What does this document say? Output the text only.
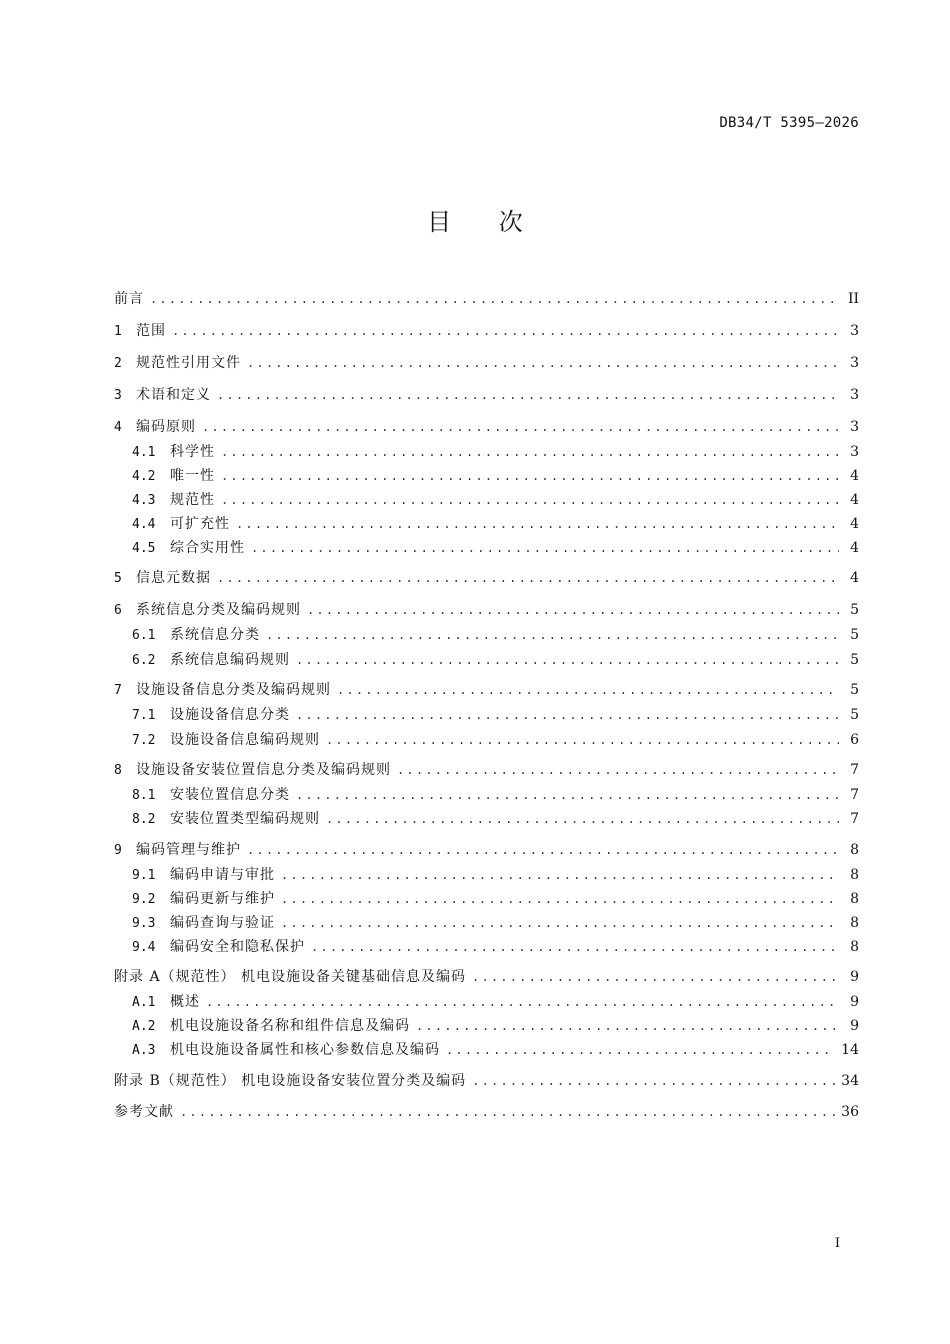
DB34/T 5395—2026
目 次
前言 .....	II
1	范围 .....	3
2	规范性引用文件 .....	3
3	术语和定义 .....	3
4	编码原则 .....	3
4.1	科学性 .....	3
4.2	唯一性 .....	4
4.3	规范性 .....	4
4.4	可扩充性 .....	4
4.5	综合实用性 .....	4
5	信息元数据 .....	4
6	系统信息分类及编码规则 .....	5
6.1	系统信息分类 .....	5
6.2	系统信息编码规则 .....	5
7	设施设备信息分类及编码规则 .....	5
7.1	设施设备信息分类 .....	5
7.2	设施设备信息编码规则 .....	6
8	设施设备安装位置信息分类及编码规则 .....	7
8.1	安装位置信息分类 .....	7
8.2	安装位置类型编码规则 .....	7
9	编码管理与维护 .....	8
9.1	编码申请与审批 .....	8
9.2	编码更新与维护 .....	8
9.3	编码查询与验证 .....	8
9.4	编码安全和隐私保护 .....	8
附录 A（规范性） 机电设施设备关键基础信息及编码 .....	9
A.1	概述 .....	9
A.2	机电设施设备名称和组件信息及编码 .....	9
A.3	机电设施设备属性和核心参数信息及编码 .....	14
附录 B（规范性） 机电设施设备安装位置分类及编码 .....	34
参考文献 .....	36
I
